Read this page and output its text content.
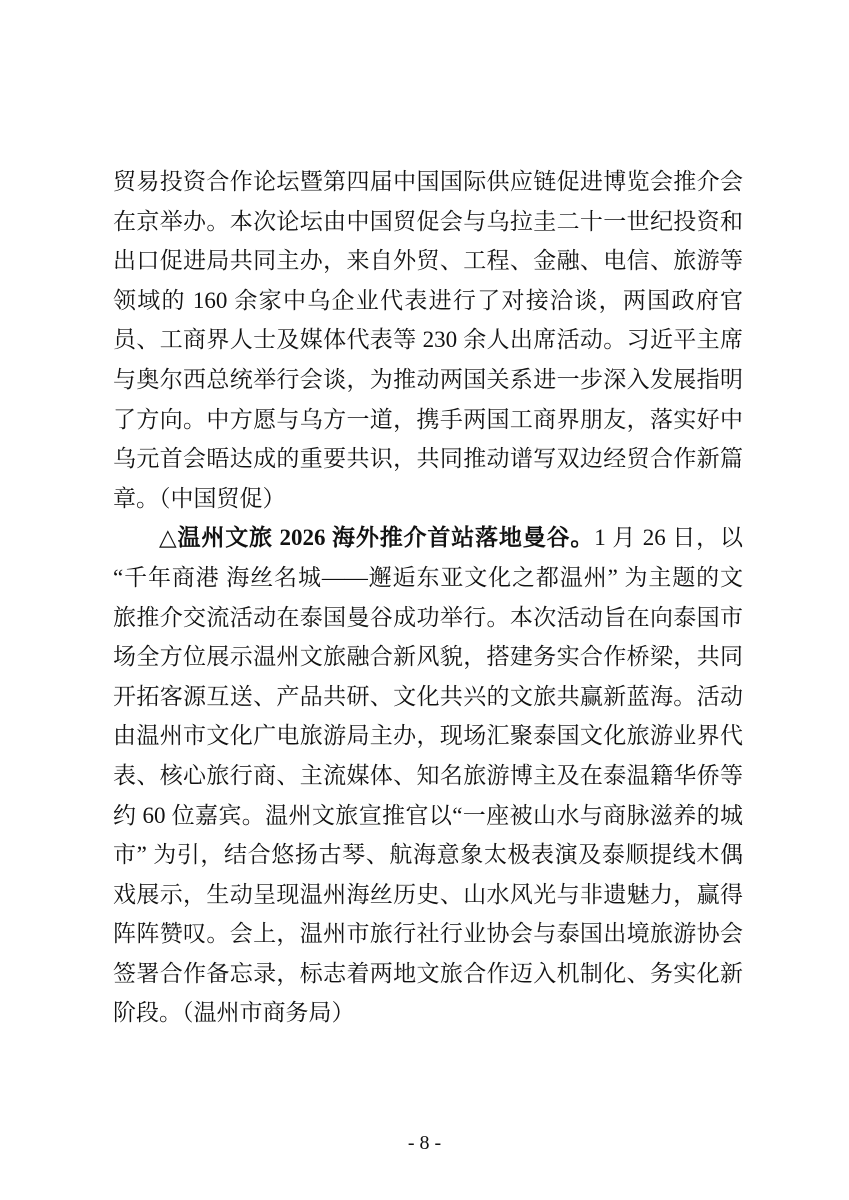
贸易投资合作论坛暨第四届中国国际供应链促进博览会推介会
在京举办。本次论坛由中国贸促会与乌拉圭二十一世纪投资和
出口促进局共同主办，来自外贸、工程、金融、电信、旅游等
领域的 160 余家中乌企业代表进行了对接洽谈，两国政府官
员、工商界人士及媒体代表等 230 余人出席活动。习近平主席
与奥尔西总统举行会谈，为推动两国关系进一步深入发展指明
了方向。中方愿与乌方一道，携手两国工商界朋友，落实好中
乌元首会晤达成的重要共识，共同推动谱写双边经贸合作新篇
章。（中国贸促）
△温州文旅 2026 海外推介首站落地曼谷。1 月 26 日，以
“千年商港 海丝名城——邂逅东亚文化之都温州” 为主题的文
旅推介交流活动在泰国曼谷成功举行。本次活动旨在向泰国市
场全方位展示温州文旅融合新风貌，搭建务实合作桥梁，共同
开拓客源互送、产品共研、文化共兴的文旅共赢新蓝海。活动
由温州市文化广电旅游局主办，现场汇聚泰国文化旅游业界代
表、核心旅行商、主流媒体、知名旅游博主及在泰温籍华侨等
约 60 位嘉宾。温州文旅宣推官以“一座被山水与商脉滋养的城
市” 为引，结合悠扬古琴、航海意象太极表演及泰顺提线木偶
戏展示，生动呈现温州海丝历史、山水风光与非遗魅力，赢得
阵阵赞叹。会上，温州市旅行社行业协会与泰国出境旅游协会
签署合作备忘录，标志着两地文旅合作迈入机制化、务实化新
阶段。（温州市商务局）
- 8 -
